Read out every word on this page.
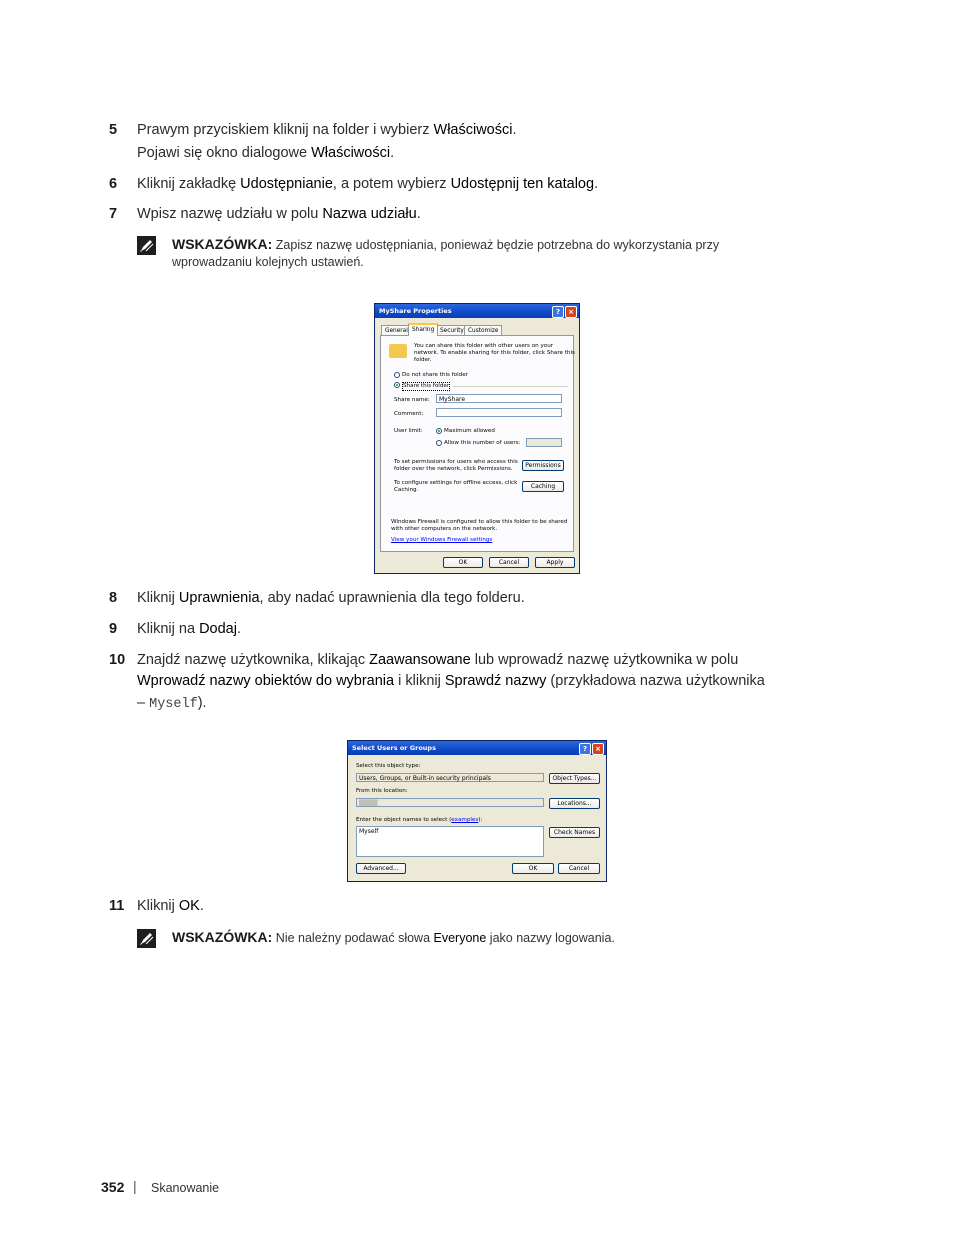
5 Prawym przyciskiem kliknij na folder i wybierz Właściwości.
Pojawi się okno dialogowe Właściwości.
6 Kliknij zakładkę Udostępnianie, a potem wybierz Udostępnij ten katalog.
7 Wpisz nazwę udziału w polu Nazwa udziału.
WSKAZÓWKA: Zapisz nazwę udostępniania, ponieważ będzie potrzebna do wykorzystania przy
wprowadzaniu kolejnych ustawień.
MyShare Properties	?	×
General Sharing Security Customize
You can share this folder with other users on your
network. To enable sharing for this folder, click Share this
folder.
Do not share this folder
Share this folder
Share name:	MyShare
Comment:
User limit:	Maximum allowed
Allow this number of users:
To set permissions for users who access this
folder over the network, click Permissions.	Permissions
To configure settings for offline access, click
Caching.	Caching
Windows Firewall is configured to allow this folder to be shared
with other computers on the network.
View your Windows Firewall settings
OK	Cancel	Apply
8 Kliknij Uprawnienia, aby nadać uprawnienia dla tego folderu.
9 Kliknij na Dodaj.
10 Znajdź nazwę użytkownika, klikając Zaawansowane lub wprowadź nazwę użytkownika w polu
Wprowadź nazwy obiektów do wybrania i kliknij Sprawdź nazwy (przykładowa nazwa użytkownika
– Myself).
Select Users or Groups	?	×
Select this object type:
Users, Groups, or Built-in security principals	Object Types...
From this location:
▒▒▒▒	Locations...
Enter the object names to select (examples):
Myself	Check Names
Advanced...	OK	Cancel
11 Kliknij OK.
WSKAZÓWKA: Nie należny podawać słowa Everyone jako nazwy logowania.
352 | Skanowanie
